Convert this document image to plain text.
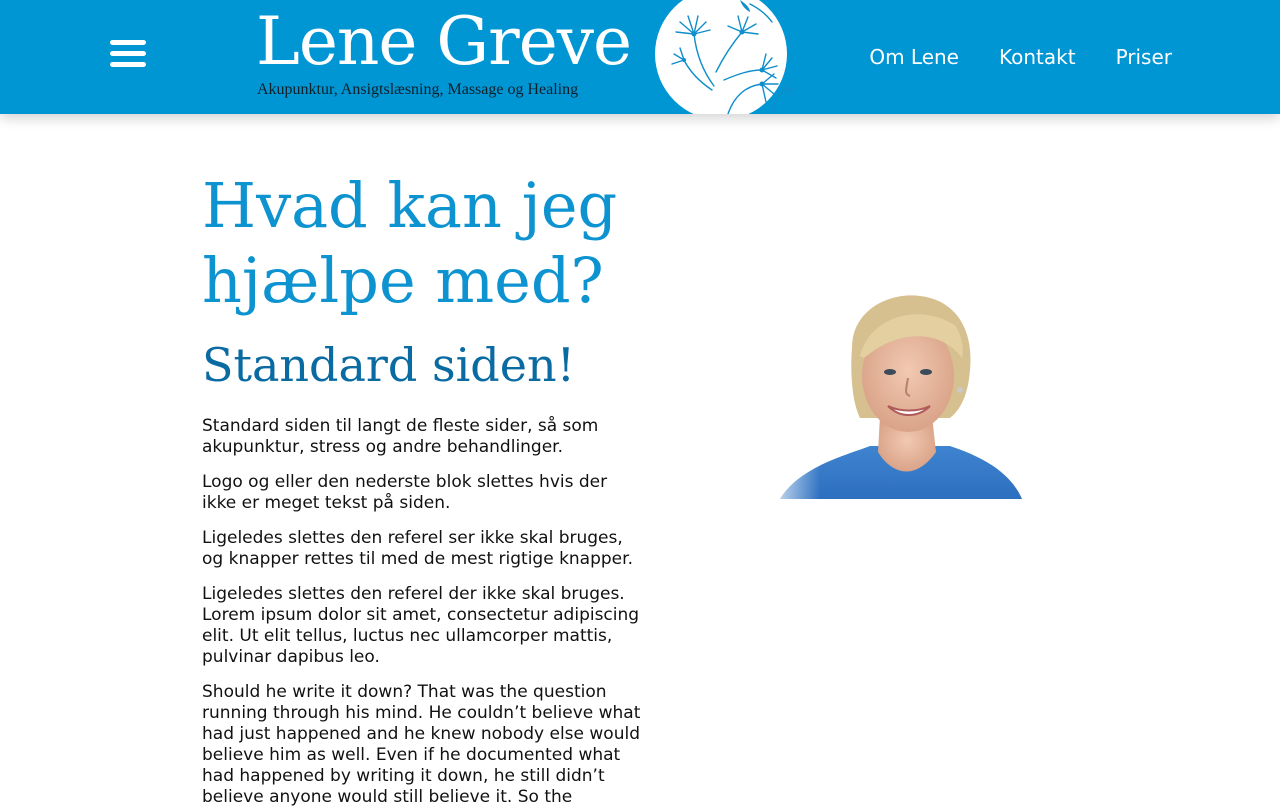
Lene Greve
Akupunktur, Ansigtslæsning, Massage og Healing
Om Lene Kontakt Priser
Hvad kan jeg
hjælpe med?
Standard siden!

Standard siden til langt de fleste sider, så som akupunktur, stress og andre behandlinger.

Logo og eller den nederste blok slettes hvis der ikke er meget tekst på siden.

Ligeledes slettes den referel ser ikke skal bruges, og knapper rettes til med de mest rigtige knapper.

Ligeledes slettes den referel der ikke skal bruges. Lorem ipsum dolor sit amet, consectetur adipiscing elit. Ut elit tellus, luctus nec ullamcorper mattis, pulvinar dapibus leo.

Should he write it down? That was the question running through his mind. He couldn’t believe what had just happened and he knew nobody else would believe him as well. Even if he documented what had happened by writing it down, he still didn’t believe anyone would still believe it. So the
